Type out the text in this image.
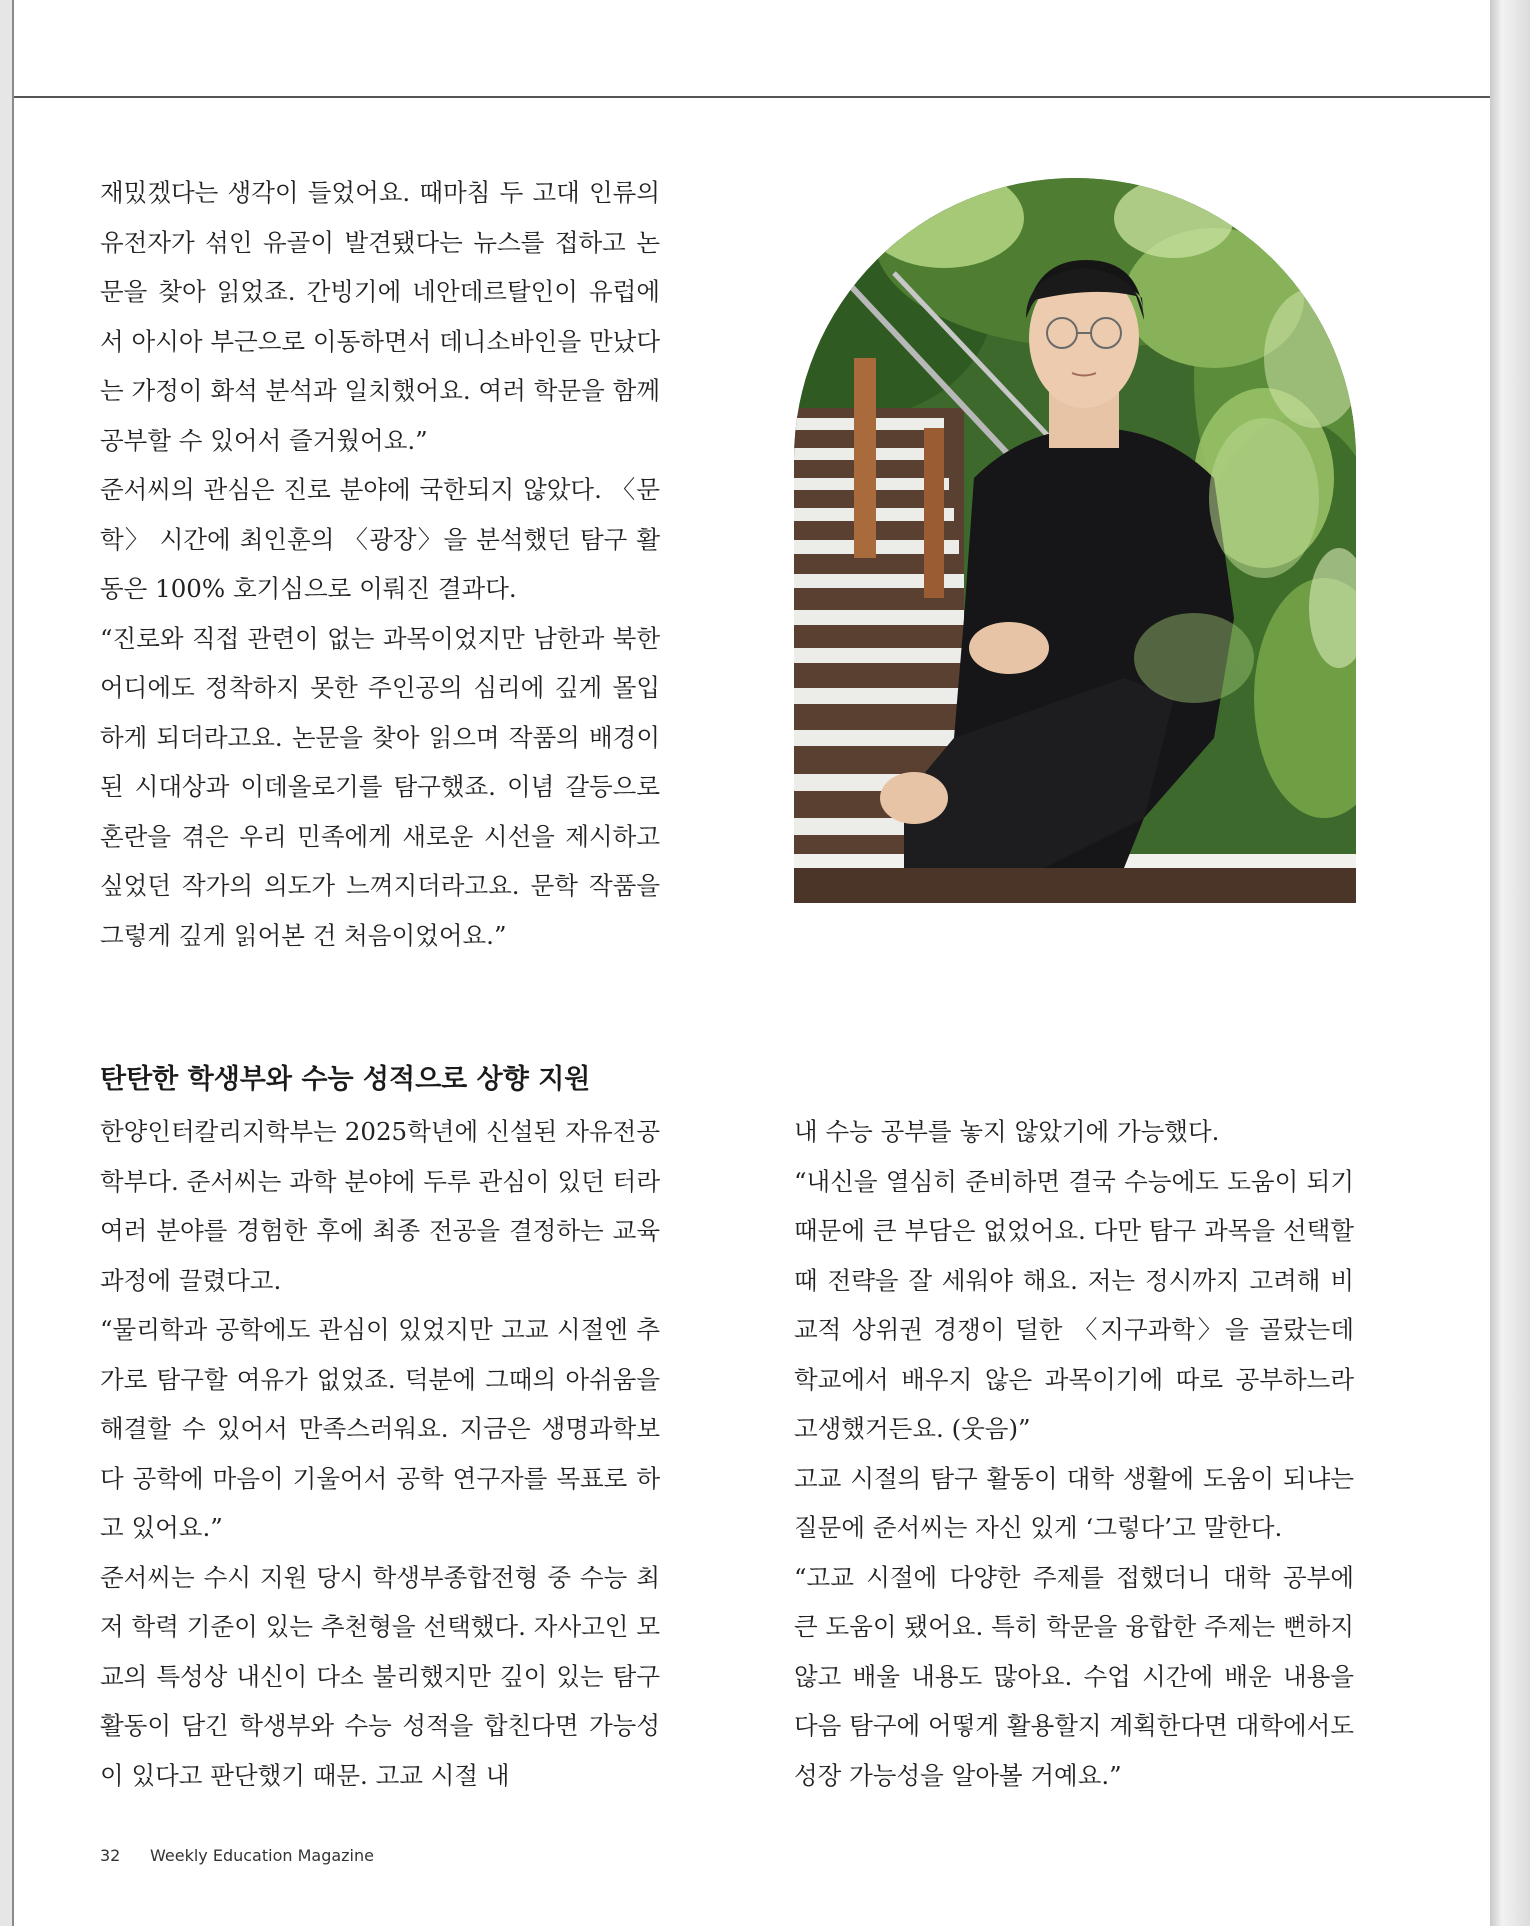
재밌겠다는 생각이 들었어요. 때마침 두 고대 인류의 유전자가 섞인 유골이 발견됐다는 뉴스를 접하고 논문을 찾아 읽었죠. 간빙기에 네안데르탈인이 유럽에서 아시아 부근으로 이동하면서 데니소바인을 만났다는 가정이 화석 분석과 일치했어요. 여러 학문을 함께 공부할 수 있어서 즐거웠어요.”

준서씨의 관심은 진로 분야에 국한되지 않았다. 〈문학〉 시간에 최인훈의 〈광장〉을 분석했던 탐구 활동은 100% 호기심으로 이뤄진 결과다.

“진로와 직접 관련이 없는 과목이었지만 남한과 북한 어디에도 정착하지 못한 주인공의 심리에 깊게 몰입하게 되더라고요. 논문을 찾아 읽으며 작품의 배경이 된 시대상과 이데올로기를 탐구했죠. 이념 갈등으로 혼란을 겪은 우리 민족에게 새로운 시선을 제시하고 싶었던 작가의 의도가 느껴지더라고요. 문학 작품을 그렇게 깊게 읽어본 건 처음이었어요.”

탄탄한 학생부와 수능 성적으로 상향 지원

한양인터칼리지학부는 2025학년에 신설된 자유전공학부다. 준서씨는 과학 분야에 두루 관심이 있던 터라 여러 분야를 경험한 후에 최종 전공을 결정하는 교육과정에 끌렸다고.

“물리학과 공학에도 관심이 있었지만 고교 시절엔 추가로 탐구할 여유가 없었죠. 덕분에 그때의 아쉬움을 해결할 수 있어서 만족스러워요. 지금은 생명과학보다 공학에 마음이 기울어서 공학 연구자를 목표로 하고 있어요.”

준서씨는 수시 지원 당시 학생부종합전형 중 수능 최저 학력 기준이 있는 추천형을 선택했다. 자사고인 모교의 특성상 내신이 다소 불리했지만 깊이 있는 탐구 활동이 담긴 학생부와 수능 성적을 합친다면 가능성이 있다고 판단했기 때문. 고교 시절 내

내 수능 공부를 놓지 않았기에 가능했다.

“내신을 열심히 준비하면 결국 수능에도 도움이 되기 때문에 큰 부담은 없었어요. 다만 탐구 과목을 선택할 때 전략을 잘 세워야 해요. 저는 정시까지 고려해 비교적 상위권 경쟁이 덜한 〈지구과학〉을 골랐는데 학교에서 배우지 않은 과목이기에 따로 공부하느라 고생했거든요. (웃음)”

고교 시절의 탐구 활동이 대학 생활에 도움이 되냐는 질문에 준서씨는 자신 있게 ‘그렇다’고 말한다.

“고교 시절에 다양한 주제를 접했더니 대학 공부에 큰 도움이 됐어요. 특히 학문을 융합한 주제는 뻔하지 않고 배울 내용도 많아요. 수업 시간에 배운 내용을 다음 탐구에 어떻게 활용할지 계획한다면 대학에서도 성장 가능성을 알아볼 거예요.”

32 Weekly Education Magazine
